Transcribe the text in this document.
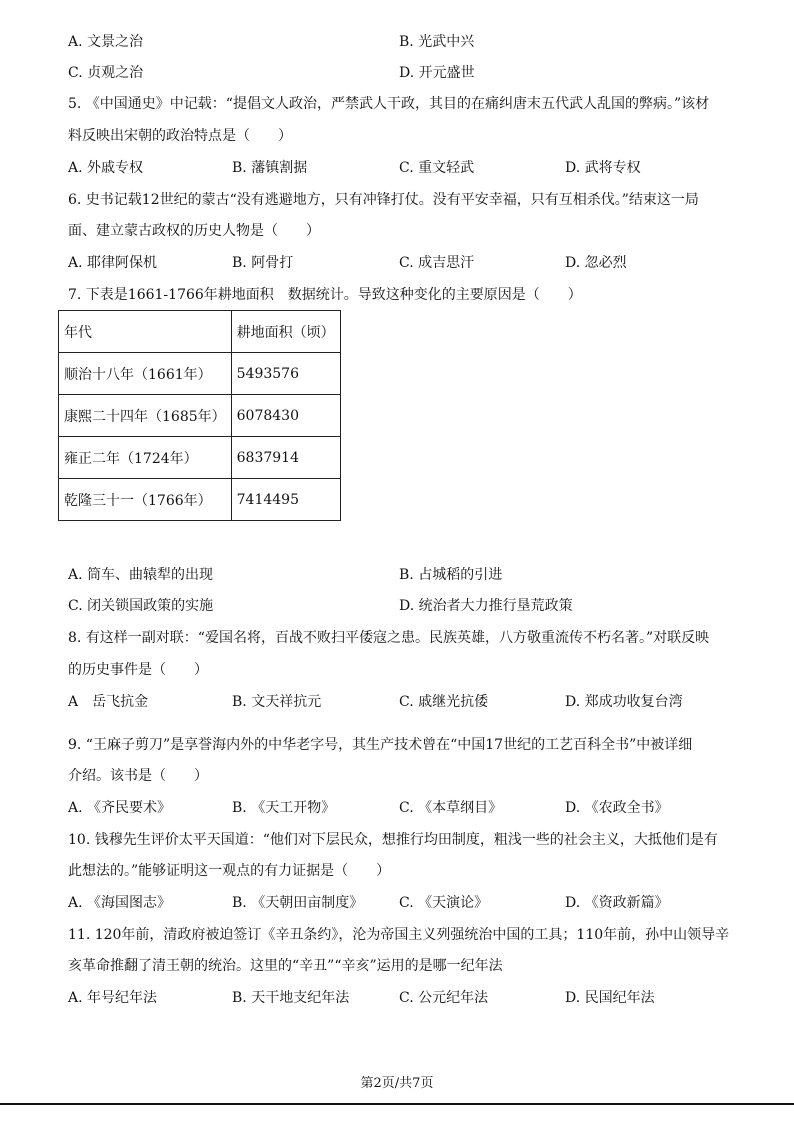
A. 文景之治	B. 光武中兴
C. 贞观之治	D. 开元盛世
5. 《中国通史》中记载：“提倡文人政治，严禁武人干政，其目的在痛纠唐末五代武人乱国的弊病。”该材
料反映出宋朝的政治特点是（　　）
A. 外戚专权	B. 藩镇割据	C. 重文轻武	D. 武将专权
6. 史书记载12世纪的蒙古“没有逃避地方，只有冲锋打仗。没有平安幸福，只有互相杀伐。”结束这一局
面、建立蒙古政权的历史人物是（　　）
A. 耶律阿保机	B. 阿骨打	C. 成吉思汗	D. 忽必烈
7. 下表是1661-1766年耕地面积　数据统计。导致这种变化的主要原因是（　　）
年代	耕地面积（顷）
顺治十八年（1661年）	5493576
康熙二十四年（1685年）	6078430
雍正二年（1724年）	6837914
乾隆三十一（1766年）	7414495
A. 筒车、曲辕犁的出现	B. 占城稻的引进
C. 闭关锁国政策的实施	D. 统治者大力推行垦荒政策
8. 有这样一副对联：“爱国名将，百战不败扫平倭寇之患。民族英雄，八方敬重流传不朽名著。”对联反映
的历史事件是（　　）
A　岳飞抗金	B. 文天祥抗元	C. 戚继光抗倭	D. 郑成功收复台湾
9. “王麻子剪刀”是享誉海内外的中华老字号，其生产技术曾在“中国17世纪的工艺百科全书”中被详细
介绍。该书是（　　）
A. 《齐民要术》	B. 《天工开物》	C. 《本草纲目》	D. 《农政全书》
10. 钱穆先生评价太平天国道：“他们对下层民众，想推行均田制度，粗浅一些的社会主义，大抵他们是有
此想法的。”能够证明这一观点的有力证据是（　　）
A. 《海国图志》	B. 《天朝田亩制度》	C. 《天演论》	D. 《资政新篇》
11. 120年前，清政府被迫签订《辛丑条约》，沦为帝国主义列强统治中国的工具；110年前，孙中山领导辛
亥革命推翻了清王朝的统治。这里的“辛丑”“辛亥”运用的是哪一纪年法
A. 年号纪年法	B. 天干地支纪年法	C. 公元纪年法	D. 民国纪年法
第2页/共7页
